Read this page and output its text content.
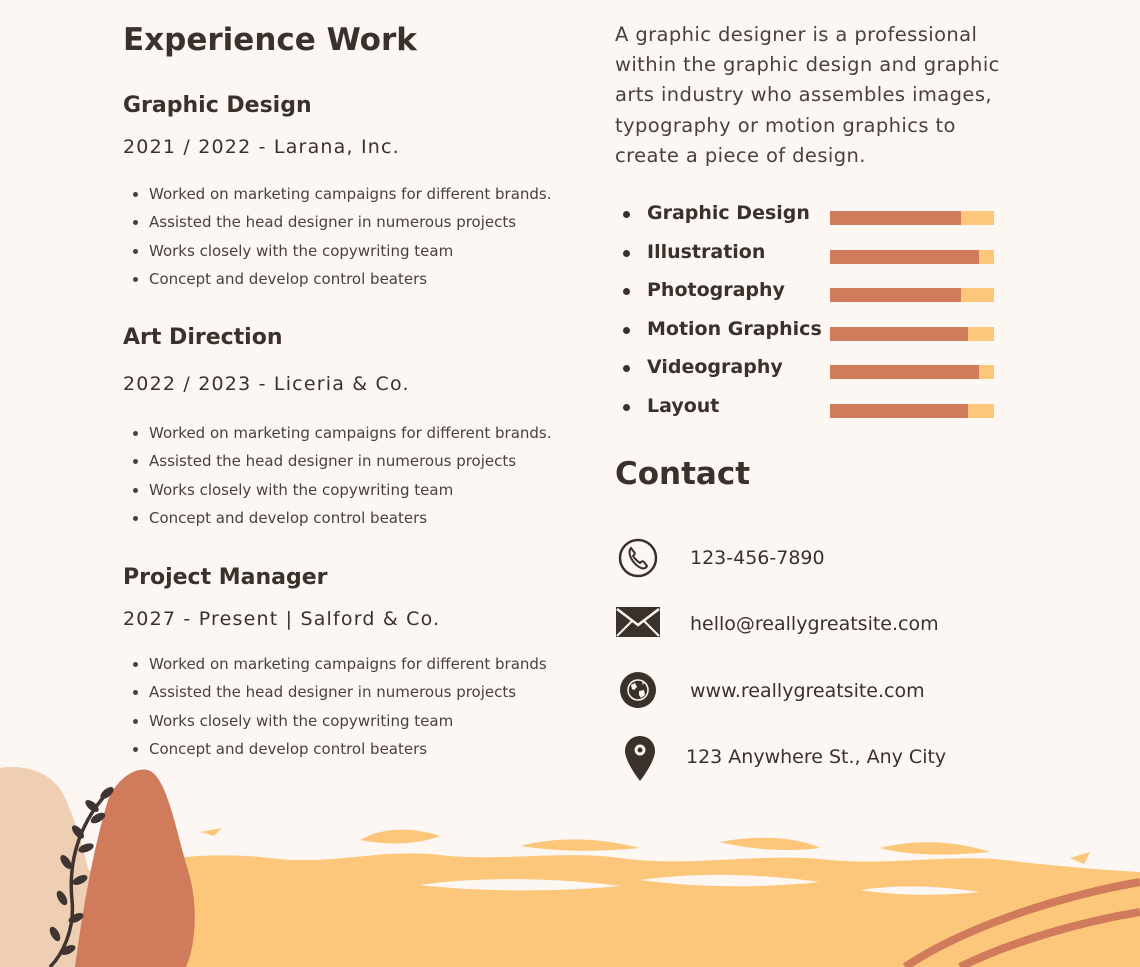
Experience Work
Graphic Design

2021 / 2022 - Larana, Inc.

• Worked on marketing campaigns for different brands.
• Assisted the head designer in numerous projects
• Works closely with the copywriting team
• Concept and develop control beaters
Art Direction

2022 / 2023 - Liceria & Co.

• Worked on marketing campaigns for different brands.
• Assisted the head designer in numerous projects
• Works closely with the copywriting team
• Concept and develop control beaters
Project Manager

2027 - Present | Salford & Co.

• Worked on marketing campaigns for different brands
• Assisted the head designer in numerous projects
• Works closely with the copywriting team
• Concept and develop control beaters

A graphic designer is a professional within the graphic design and graphic arts industry who assembles images, typography or motion graphics to create a piece of design.

Graphic Design
Illustration
Photography
Motion Graphics
Videography
Layout
Contact
123-456-7890
hello@reallygreatsite.com
www.reallygreatsite.com
123 Anywhere St., Any City
